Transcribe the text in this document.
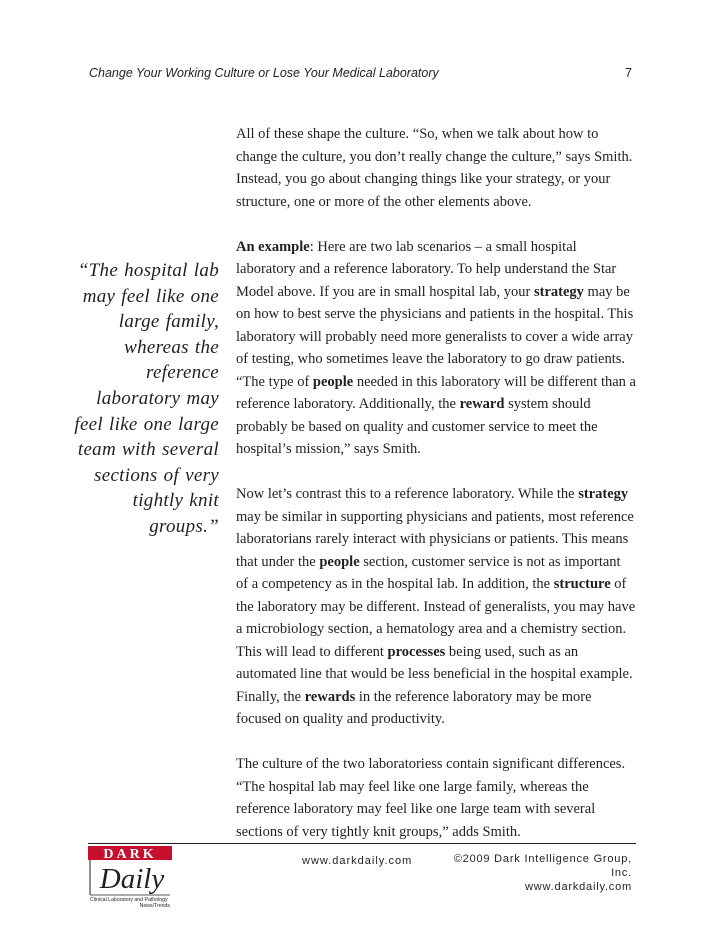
Change Your Working Culture or Lose Your Medical Laboratory	7
“The hospital lab may feel like one large family, whereas the reference laboratory may feel like one large team with several sections of very tightly knit groups.”

All of these shape the culture. “So, when we talk about how to change the culture, you don’t really change the culture,” says Smith. Instead, you go about changing things like your strategy, or your structure, one or more of the other elements above.

An example: Here are two lab scenarios – a small hospital laboratory and a reference laboratory. To help understand the Star Model above. If you are in small hospital lab, your strategy may be on how to best serve the physicians and patients in the hospital. This laboratory will probably need more generalists to cover a wide array of testing, who sometimes leave the laboratory to go draw patients. “The type of people needed in this laboratory will be different than a reference laboratory. Additionally, the reward system should probably be based on quality and customer service to meet the hospital’s mission,” says Smith.

Now let’s contrast this to a reference laboratory. While the strategy may be similar in supporting physicians and patients, most reference laboratorians rarely interact with physicians or patients. This means that under the people section, customer service is not as important of a competency as in the hospital lab. In addition, the structure of the laboratory may be different. Instead of generalists, you may have a microbiology section, a hematology area and a chemistry section. This will lead to different processes being used, such as an automated line that would be less beneficial in the hospital example. Finally, the rewards in the reference laboratory may be more focused on quality and productivity.

The culture of the two laboratoriess contain significant differences. “The hospital lab may feel like one large family, whereas the reference laboratory may feel like one large team with several sections of very tightly knit groups,” adds Smith.

DARK
Daily
Clinical Laboratory and Pathology
News/Trends
www.darkdaily.com	©2009 Dark Intelligence Group, Inc.
www.darkdaily.com
